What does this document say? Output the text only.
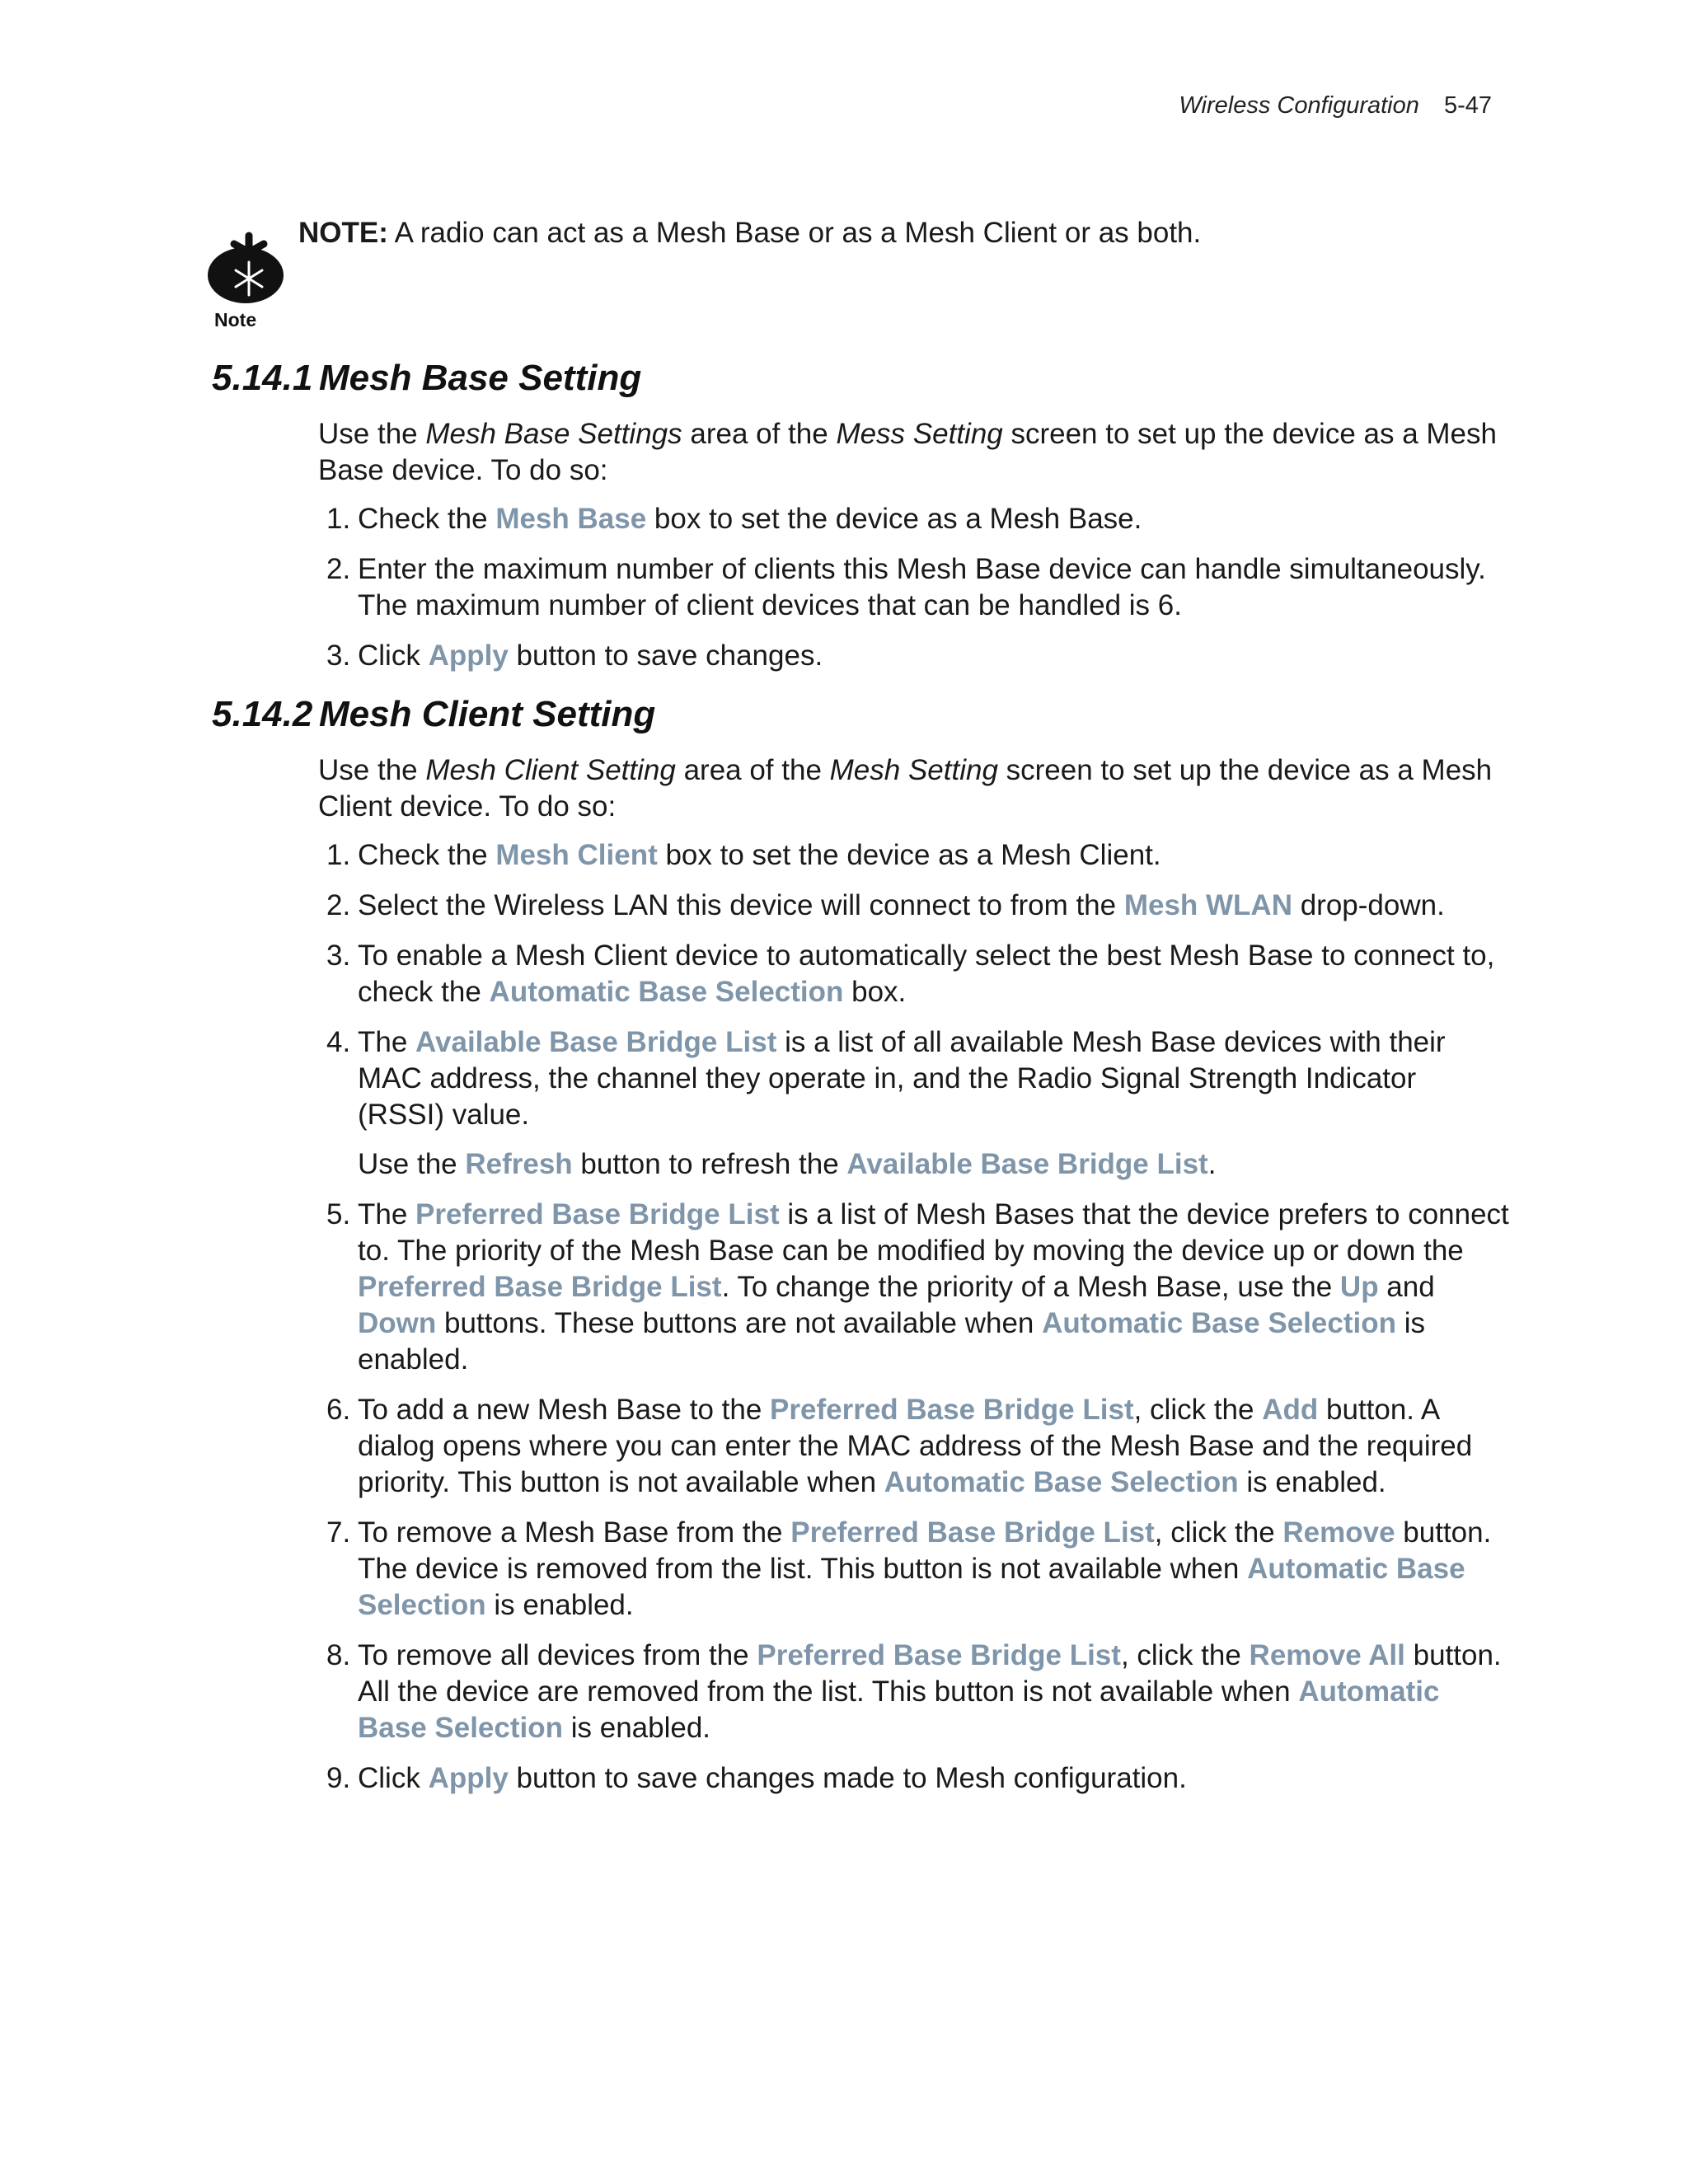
Wireless Configuration 5-47
Note
NOTE: A radio can act as a Mesh Base or as a Mesh Client or as both.
5.14.1 Mesh Base Setting

Use the Mesh Base Settings area of the Mess Setting screen to set up the device as a Mesh Base device. To do so:

1. Check the Mesh Base box to set the device as a Mesh Base.
2. Enter the maximum number of clients this Mesh Base device can handle simultaneously. The maximum number of client devices that can be handled is 6.
3. Click Apply button to save changes.
5.14.2 Mesh Client Setting

Use the Mesh Client Setting area of the Mesh Setting screen to set up the device as a Mesh Client device. To do so:

1. Check the Mesh Client box to set the device as a Mesh Client.
2. Select the Wireless LAN this device will connect to from the Mesh WLAN drop-down.
3. To enable a Mesh Client device to automatically select the best Mesh Base to connect to, check the Automatic Base Selection box.
4. The Available Base Bridge List is a list of all available Mesh Base devices with their MAC address, the channel they operate in, and the Radio Signal Strength Indicator (RSSI) value.
Use the Refresh button to refresh the Available Base Bridge List.
5. The Preferred Base Bridge List is a list of Mesh Bases that the device prefers to connect to. The priority of the Mesh Base can be modified by moving the device up or down the Preferred Base Bridge List. To change the priority of a Mesh Base, use the Up and Down buttons. These buttons are not available when Automatic Base Selection is enabled.
6. To add a new Mesh Base to the Preferred Base Bridge List, click the Add button. A dialog opens where you can enter the MAC address of the Mesh Base and the required priority. This button is not available when Automatic Base Selection is enabled.
7. To remove a Mesh Base from the Preferred Base Bridge List, click the Remove button. The device is removed from the list. This button is not available when Automatic Base Selection is enabled.
8. To remove all devices from the Preferred Base Bridge List, click the Remove All button. All the device are removed from the list. This button is not available when Automatic Base Selection is enabled.
9. Click Apply button to save changes made to Mesh configuration.
